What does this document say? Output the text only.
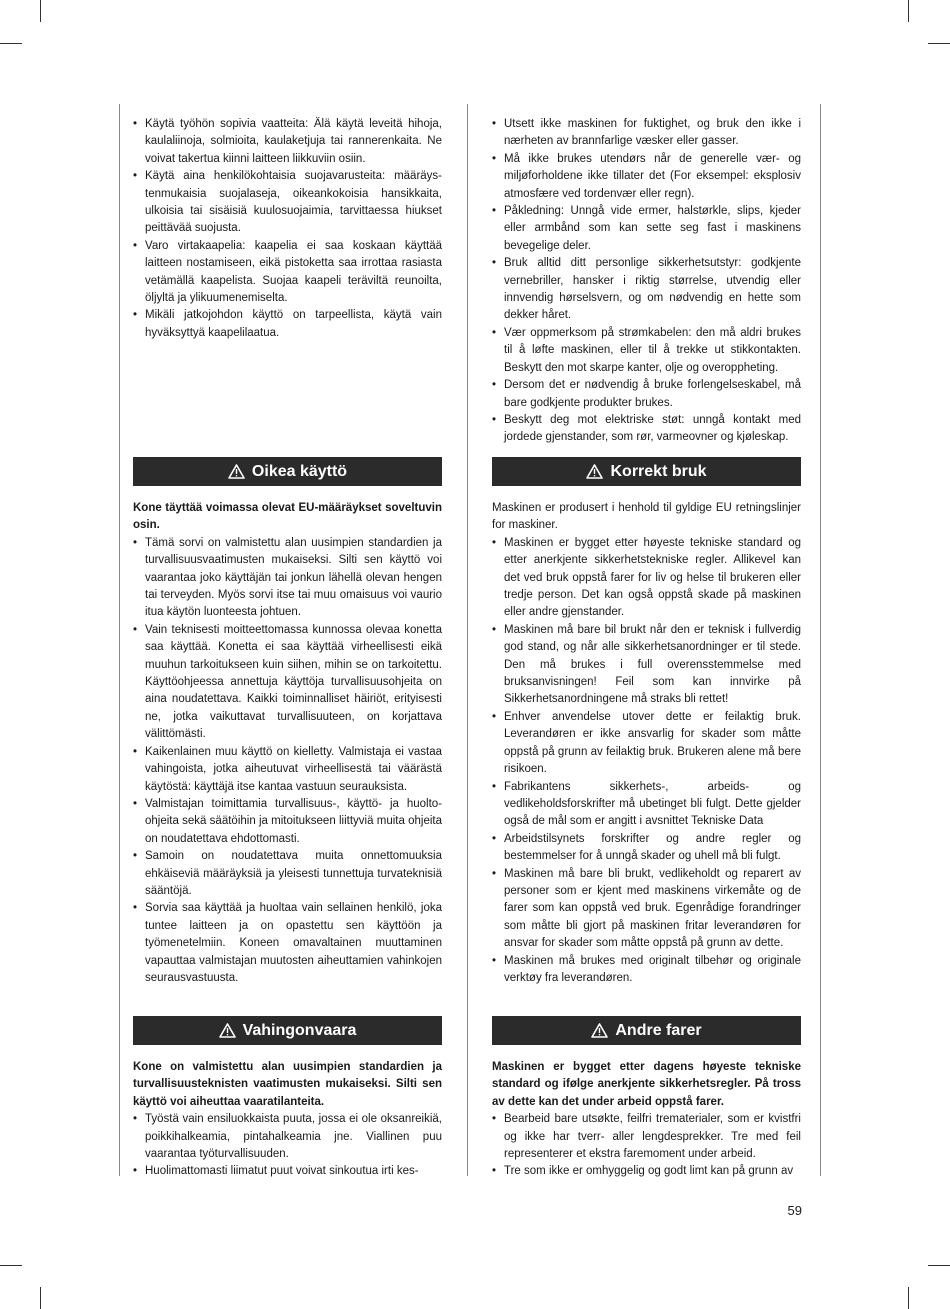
• Käytä työhön sopivia vaatteita: Älä käytä leveitä hihoja, kaulaliinoja, solmioita, kaulaketjuja tai rannerenkaita. Ne voivat takertua kiinni laitteen liikkuviin osiin.
• Käytä aina henkilökohtaisia suojavarusteita: määräys-tenmukaisia suojalaseja, oikeankokoisia hansikkaita, ulkoisia tai sisäisiä kuulosuojaimia, tarvittaessa hiukset peittävää suojusta.
• Varo virtakaapelia: kaapelia ei saa koskaan käyttää laitteen nostamiseen, eikä pistoketta saa irrottaa rasiasta vetämällä kaapelista. Suojaa kaapeli teräviltä reunoilta, öljyltä ja ylikuumenemiselta.
• Mikäli jatkojohdon käyttö on tarpeellista, käytä vain hyväksyttyä kaapelilaatua.
Oikea käyttö

Kone täyttää voimassa olevat EU-määräykset soveltuvin osin.

• Tämä sorvi on valmistettu alan uusimpien standardien ja turvallisuusvaatimusten mukaiseksi. Silti sen käyttö voi vaarantaa joko käyttäjän tai jonkun lähellä olevan hengen tai terveyden. Myös sorvi itse tai muu omaisuus voi vaurio itua käytön luonteesta johtuen.
• Vain teknisesti moitteettomassa kunnossa olevaa konetta saa käyttää. Konetta ei saa käyttää virheellisesti eikä muuhun tarkoitukseen kuin siihen, mihin se on tarkoitettu. Käyttöohjeessa annettuja käyttöja turvallisuusohjeita on aina noudatettava. Kaikki toiminnalliset häiriöt, erityisesti ne, jotka vaikuttavat turvallisuuteen, on korjattava välittömästi.
• Kaikenlainen muu käyttö on kielletty. Valmistaja ei vastaa vahingoista, jotka aiheutuvat virheellisestä tai väärästä käytöstä: käyttäjä itse kantaa vastuun seurauksista.
• Valmistajan toimittamia turvallisuus-, käyttö- ja huolto-ohjeita sekä säätöihin ja mitoitukseen liittyviä muita ohjeita on noudatettava ehdottomasti.
• Samoin on noudatettava muita onnettomuuksia ehkäiseviä määräyksiä ja yleisesti tunnettuja turvateknisiä sääntöjä.
• Sorvia saa käyttää ja huoltaa vain sellainen henkilö, joka tuntee laitteen ja on opastettu sen käyttöön ja työmenetelmiin. Koneen omavaltainen muuttaminen vapauttaa valmistajan muutosten aiheuttamien vahinkojen seurausvastuusta.
Vahingonvaara

Kone on valmistettu alan uusimpien standardien ja turvallisuusteknisten vaatimusten mukaiseksi. Silti sen käyttö voi aiheuttaa vaaratilanteita.

• Työstä vain ensiluokkaista puuta, jossa ei ole oksanreikiä, poikkihalkeamia, pintahalkeamia jne. Viallinen puu vaarantaa työturvallisuuden.
• Huolimattomasti liimatut puut voivat sinkoutua irti kes-
• Utsett ikke maskinen for fuktighet, og bruk den ikke i nærheten av brannfarlige væsker eller gasser.
• Må ikke brukes utendørs når de generelle vær- og miljøforholdene ikke tillater det (For eksempel: eksplosiv atmosfære ved tordenvær eller regn).
• Påkledning: Unngå vide ermer, halstørkle, slips, kjeder eller armbånd som kan sette seg fast i maskinens bevegelige deler.
• Bruk alltid ditt personlige sikkerhetsutstyr: godkjente vernebriller, hansker i riktig størrelse, utvendig eller innvendig hørselsvern, og om nødvendig en hette som dekker håret.
• Vær oppmerksom på strømkabelen: den må aldri brukes til å løfte maskinen, eller til å trekke ut stikkontakten. Beskytt den mot skarpe kanter, olje og overoppheting.
• Dersom det er nødvendig å bruke forlengelseskabel, må bare godkjente produkter brukes.
• Beskytt deg mot elektriske støt: unngå kontakt med jordede gjenstander, som rør, varmeovner og kjøleskap.
Korrekt bruk

Maskinen er produsert i henhold til gyldige EU retningslinjer for maskiner.

• Maskinen er bygget etter høyeste tekniske standard og etter anerkjente sikkerhetstekniske regler. Allikevel kan det ved bruk oppstå farer for liv og helse til brukeren eller tredje person. Det kan også oppstå skade på maskinen eller andre gjenstander.
• Maskinen må bare bil brukt når den er teknisk i fullverdig god stand, og når alle sikkerhetsanordninger er til stede. Den må brukes i full overensstemmelse med bruksanvisningen! Feil som kan innvirke på Sikkerhetsanordningene må straks bli rettet!
• Enhver anvendelse utover dette er feilaktig bruk. Leverandøren er ikke ansvarlig for skader som måtte oppstå på grunn av feilaktig bruk. Brukeren alene må bere risikoen.
• Fabrikantens sikkerhets-, arbeids- og vedlikeholdsforskrifter må ubetinget bli fulgt. Dette gjelder også de mål som er angitt i avsnittet Tekniske Data
• Arbeidstilsynets forskrifter og andre regler og bestemmelser for å unngå skader og uhell må bli fulgt.
• Maskinen må bare bli brukt, vedlikeholdt og reparert av personer som er kjent med maskinens virkemåte og de farer som kan oppstå ved bruk. Egenrådige forandringer som måtte bli gjort på maskinen fritar leverandøren for ansvar for skader som måtte oppstå på grunn av dette.
• Maskinen må brukes med originalt tilbehør og originale verktøy fra leverandøren.
Andre farer

Maskinen er bygget etter dagens høyeste tekniske standard og ifølge anerkjente sikkerhetsregler. På tross av dette kan det under arbeid oppstå farer.

• Bearbeid bare utsøkte, feilfri trematerialer, som er kvistfri og ikke har tverr- aller lengdesprekker. Tre med feil representerer et ekstra faremoment under arbeid.
• Tre som ikke er omhyggelig og godt limt kan på grunn av
59
